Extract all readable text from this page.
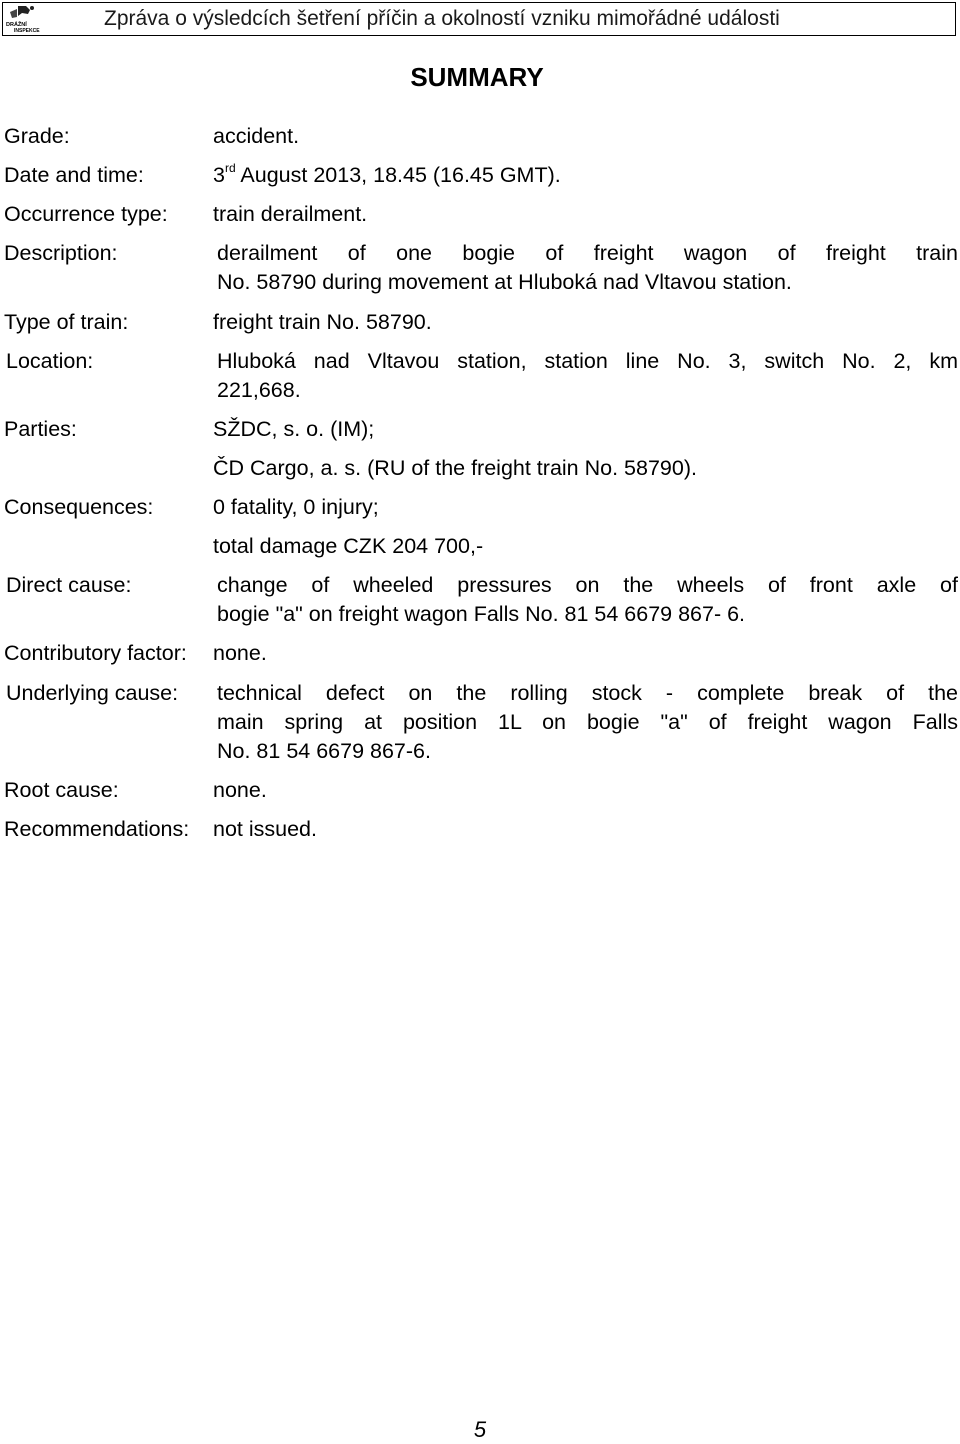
DRÁŽNÍ
INSPEKCE
Zpráva o výsledcích šetření příčin a okolností vzniku mimořádné události
SUMMARY
Grade:	accident.
Date and time:	3rd August 2013, 18.45 (16.45 GMT).
Occurrence type: train derailment.
Description:	derailment of one bogie of freight wagon of freight train
No. 58790 during movement at Hluboká nad Vltavou station.
Type of train:	freight train No. 58790.
Location:	Hluboká nad Vltavou station, station line No. 3, switch No. 2, km
221,668.
Parties:	SŽDC, s. o. (IM);
ČD Cargo, a. s. (RU of the freight train No. 58790).
Consequences:	0 fatality, 0 injury;
total damage CZK 204 700,-
Direct cause:	change of wheeled pressures on the wheels of front axle of
bogie "a" on freight wagon Falls No. 81 54 6679 867- 6.
Contributory factor: none.
Underlying cause: technical defect on the rolling stock - complete break of the
main spring at position 1L on bogie "a" of freight wagon Falls
No. 81 54 6679 867-6.
Root cause:	none.
Recommendations: not issued.
5
